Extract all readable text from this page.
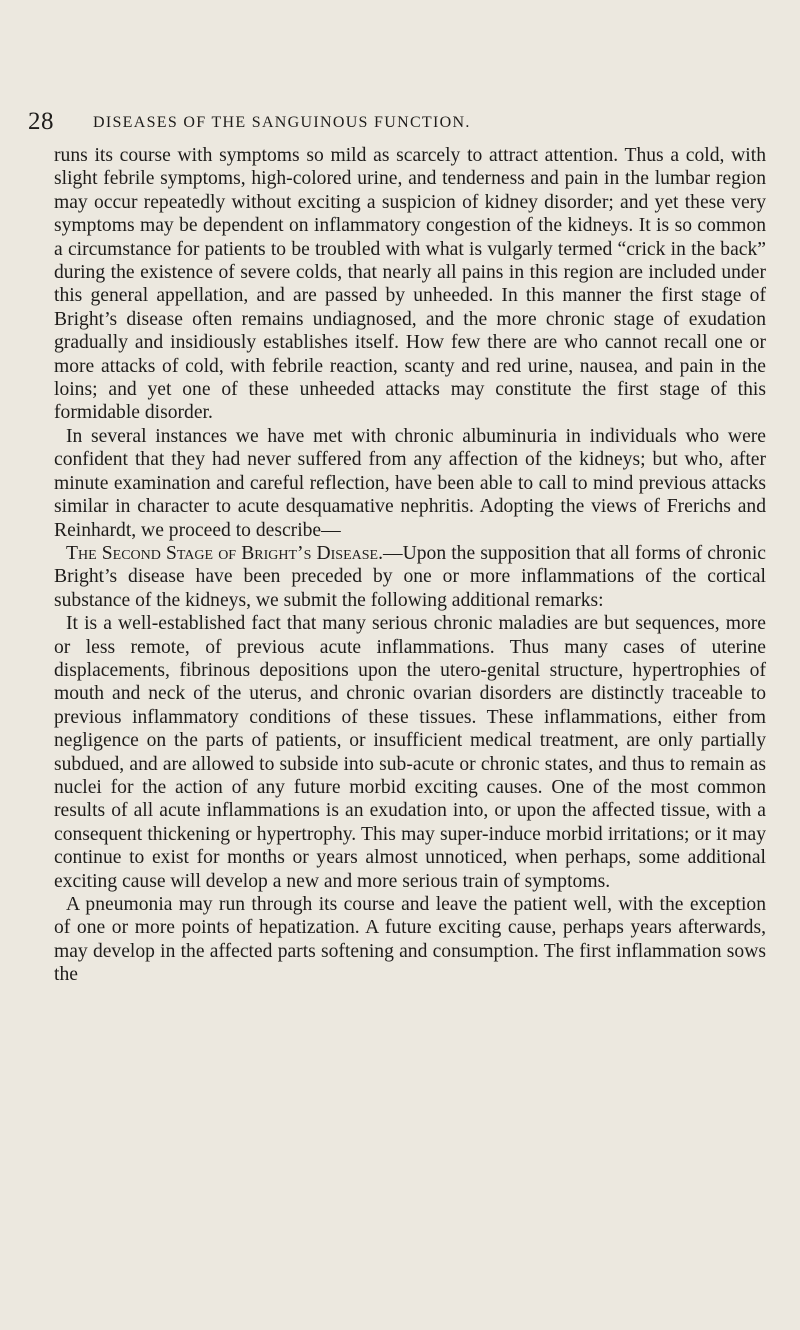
28 DISEASES OF THE SANGUINOUS FUNCTION.

runs its course with symptoms so mild as scarcely to attract attention. Thus a cold, with slight febrile symptoms, high-colored urine, and tenderness and pain in the lumbar region may occur repeatedly without exciting a suspicion of kidney disorder; and yet these very symptoms may be dependent on inflammatory congestion of the kidneys. It is so common a circumstance for patients to be troubled with what is vulgarly termed “crick in the back” during the existence of severe colds, that nearly all pains in this region are included under this general appellation, and are passed by unheeded. In this manner the first stage of Bright’s disease often remains undiagnosed, and the more chronic stage of exudation gradually and insidiously establishes itself. How few there are who cannot recall one or more attacks of cold, with febrile reaction, scanty and red urine, nausea, and pain in the loins; and yet one of these unheeded attacks may constitute the first stage of this formidable disorder.

In several instances we have met with chronic albuminuria in individuals who were confident that they had never suffered from any affection of the kidneys; but who, after minute examination and careful reflection, have been able to call to mind previous attacks similar in character to acute desquamative nephritis. Adopting the views of Frerichs and Reinhardt, we proceed to describe—

The Second Stage of Bright’s Disease.—Upon the supposition that all forms of chronic Bright’s disease have been preceded by one or more inflammations of the cortical substance of the kidneys, we submit the following additional remarks:

It is a well-established fact that many serious chronic maladies are but sequences, more or less remote, of previous acute inflammations. Thus many cases of uterine displacements, fibrinous depositions upon the utero-genital structure, hypertrophies of mouth and neck of the uterus, and chronic ovarian disorders are distinctly traceable to previous inflammatory conditions of these tissues. These inflammations, either from negligence on the parts of patients, or insufficient medical treatment, are only partially subdued, and are allowed to subside into sub-acute or chronic states, and thus to remain as nuclei for the action of any future morbid exciting causes. One of the most common results of all acute inflammations is an exudation into, or upon the affected tissue, with a consequent thickening or hypertrophy. This may super-induce morbid irritations; or it may continue to exist for months or years almost unnoticed, when perhaps, some additional exciting cause will develop a new and more serious train of symptoms.

A pneumonia may run through its course and leave the patient well, with the exception of one or more points of hepatization. A future exciting cause, perhaps years afterwards, may develop in the affected parts softening and consumption. The first inflammation sows the
